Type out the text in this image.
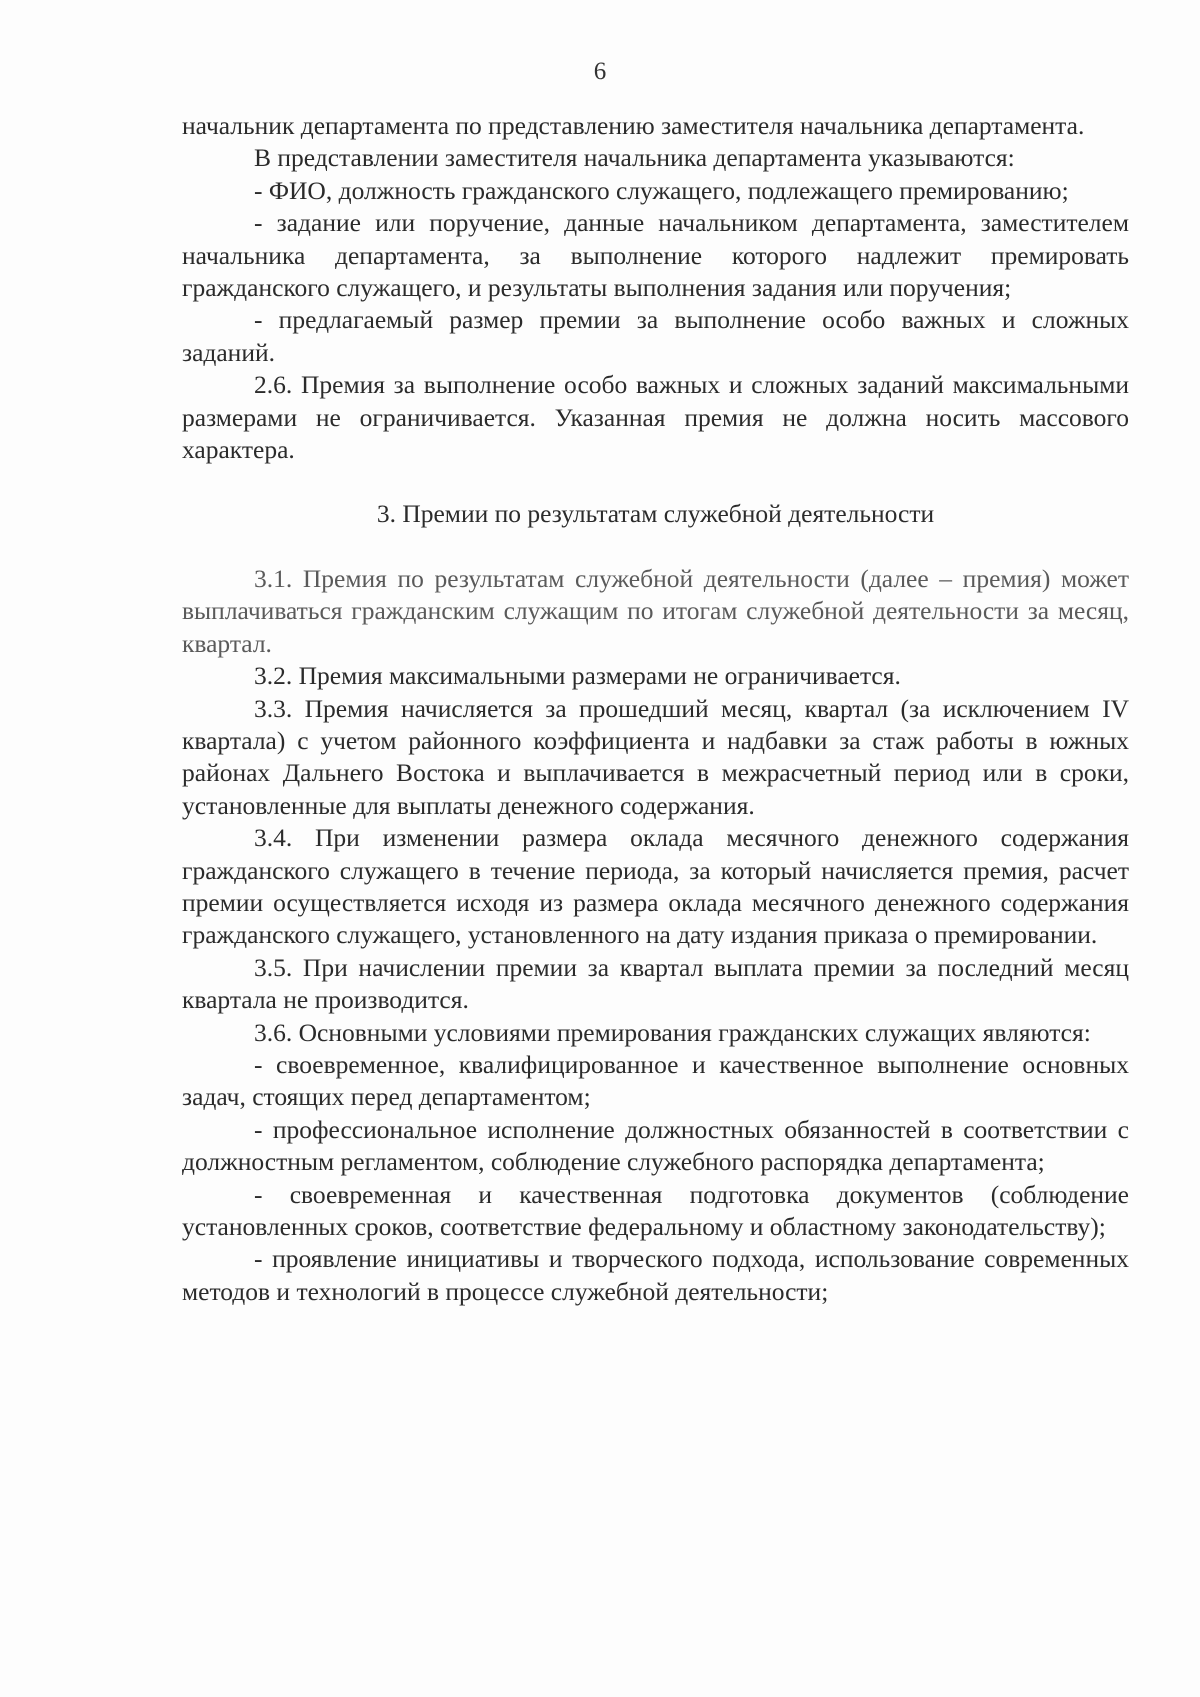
6

начальник департамента по представлению заместителя начальника департамента.

В представлении заместителя начальника департамента указываются:

- ФИО, должность гражданского служащего, подлежащего премированию;

- задание или поручение, данные начальником департамента, заместителем начальника департамента, за выполнение которого надлежит премировать гражданского служащего, и результаты выполнения задания или поручения;

- предлагаемый размер премии за выполнение особо важных и сложных заданий.

2.6. Премия за выполнение особо важных и сложных заданий максимальными размерами не ограничивается. Указанная премия не должна носить массового характера.

3. Премии по результатам служебной деятельности

3.1. Премия по результатам служебной деятельности (далее – премия) может выплачиваться гражданским служащим по итогам служебной деятельности за месяц, квартал.

3.2. Премия максимальными размерами не ограничивается.

3.3. Премия начисляется за прошедший месяц, квартал (за исключением IV квартала) с учетом районного коэффициента и надбавки за стаж работы в южных районах Дальнего Востока и выплачивается в межрасчетный период или в сроки, установленные для выплаты денежного содержания.

3.4. При изменении размера оклада месячного денежного содержания гражданского служащего в течение периода, за который начисляется премия, расчет премии осуществляется исходя из размера оклада месячного денежного содержания гражданского служащего, установленного на дату издания приказа о премировании.

3.5. При начислении премии за квартал выплата премии за последний месяц квартала не производится.

3.6. Основными условиями премирования гражданских служащих являются:

- своевременное, квалифицированное и качественное выполнение основных задач, стоящих перед департаментом;

- профессиональное исполнение должностных обязанностей в соответствии с должностным регламентом, соблюдение служебного распорядка департамента;

- своевременная и качественная подготовка документов (соблюдение установленных сроков, соответствие федеральному и областному законодательству);

- проявление инициативы и творческого подхода, использование современных методов и технологий в процессе служебной деятельности;
